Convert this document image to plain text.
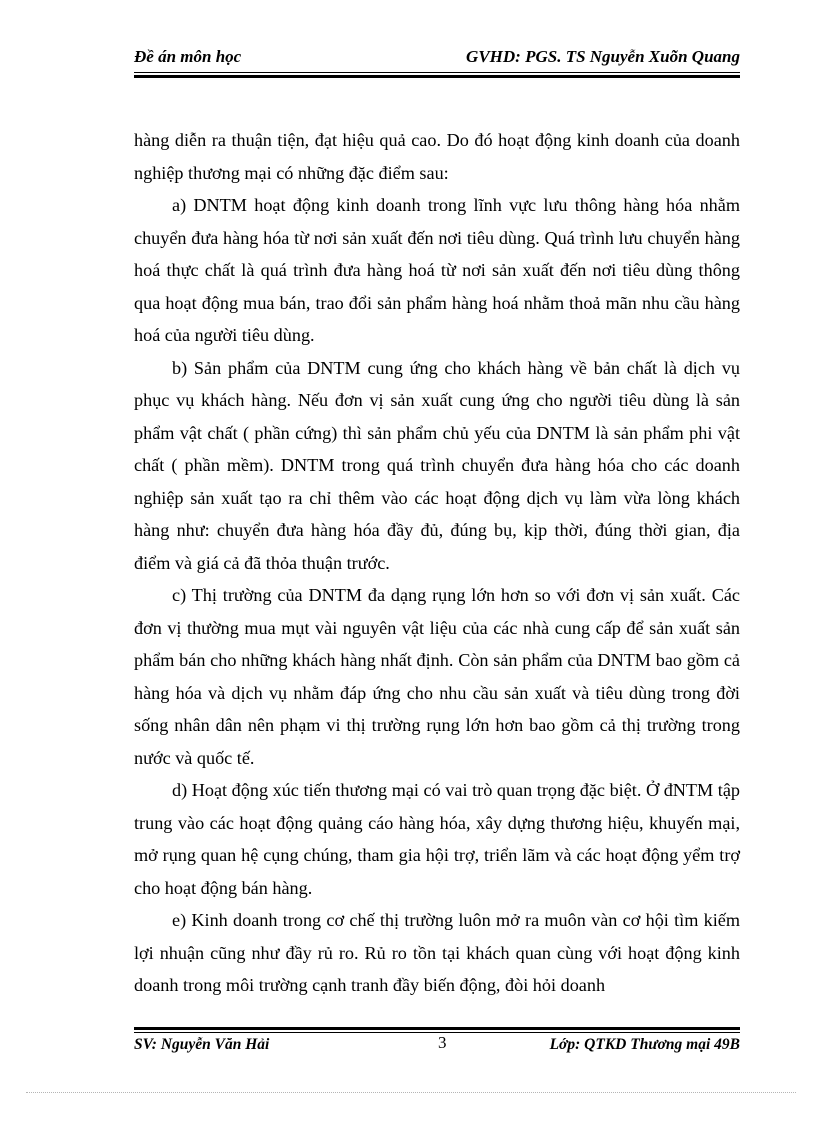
Đề án môn học	GVHD: PGS. TS Nguyễn Xuõn Quang

hàng diễn ra thuận tiện, đạt hiệu quả cao. Do đó hoạt động kinh doanh của doanh nghiệp thương mại có những đặc điểm sau:

a) DNTM hoạt động kinh doanh trong lĩnh vực lưu thông hàng hóa nhằm chuyển đưa hàng hóa từ nơi sản xuất đến nơi tiêu dùng. Quá trình lưu chuyển hàng hoá thực chất là quá trình đưa hàng hoá từ nơi sản xuất đến nơi tiêu dùng thông qua hoạt động mua bán, trao đổi sản phẩm hàng hoá nhằm thoả mãn nhu cầu hàng hoá của người tiêu dùng.

b) Sản phẩm của DNTM cung ứng cho khách hàng về bản chất là dịch vụ phục vụ khách hàng. Nếu đơn vị sản xuất cung ứng cho người tiêu dùng là sản phẩm vật chất ( phần cứng) thì sản phẩm chủ yếu của DNTM là sản phẩm phi vật chất ( phần mềm). DNTM trong quá trình chuyển đưa hàng hóa cho các doanh nghiệp sản xuất tạo ra chỉ thêm vào các hoạt động dịch vụ làm vừa lòng khách hàng như: chuyển đưa hàng hóa đầy đủ, đúng bụ, kịp thời, đúng thời gian, địa điểm và giá cả đã thỏa thuận trước.

c) Thị trường của DNTM đa dạng rụng lớn hơn so với đơn vị sản xuất. Các đơn vị thường mua mụt vài nguyên vật liệu của các nhà cung cấp để sản xuất sản phẩm bán cho những khách hàng nhất định. Còn sản phẩm của DNTM bao gồm cả hàng hóa và dịch vụ nhằm đáp ứng cho nhu cầu sản xuất và tiêu dùng trong đời sống nhân dân nên phạm vi thị trường rụng lớn hơn bao gồm cả thị trường trong nước và quốc tế.

d) Hoạt động xúc tiến thương mại có vai trò quan trọng đặc biệt. Ở đNTM tập trung vào các hoạt động quảng cáo hàng hóa, xây dựng thương hiệu, khuyến mại, mở rụng quan hệ cụng chúng, tham gia hội trợ, triển lãm và các hoạt động yểm trợ cho hoạt động bán hàng.

e) Kinh doanh trong cơ chế thị trường luôn mở ra muôn vàn cơ hội tìm kiếm lợi nhuận cũng như đầy rủ ro. Rủ ro tồn tại khách quan cùng với hoạt động kinh doanh trong môi trường cạnh tranh đầy biến động, đòi hỏi doanh

SV: Nguyễn Văn Hải	3	Lớp: QTKD Thương mại 49B
